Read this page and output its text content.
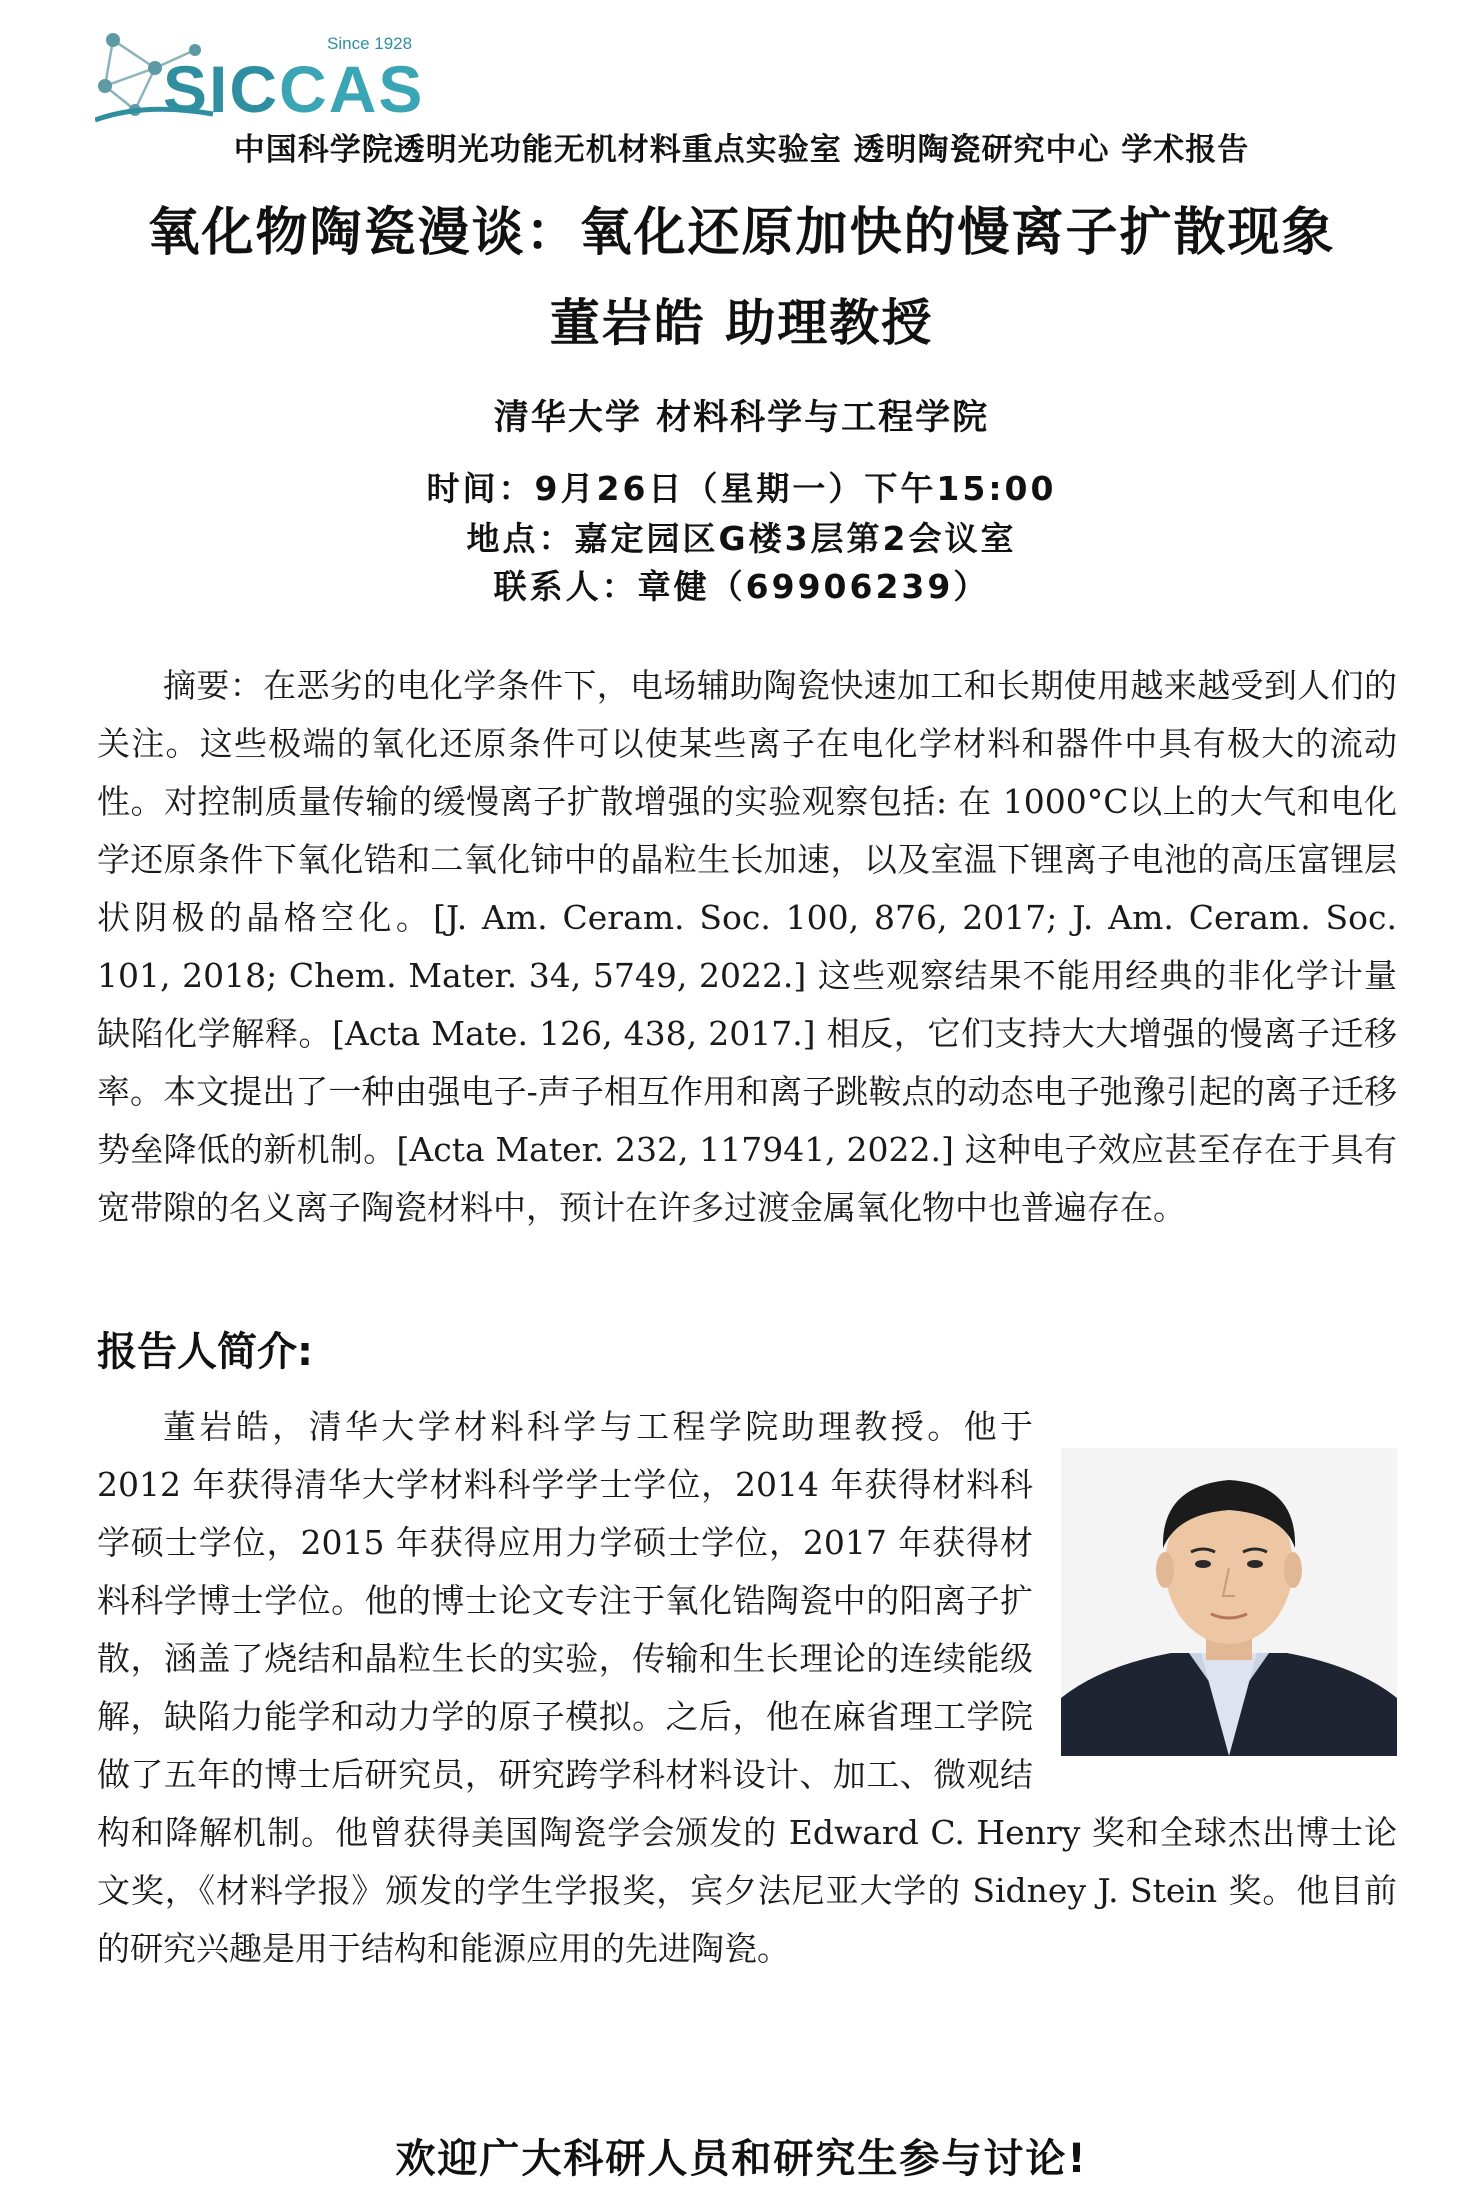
Since 1928
SICCAS
中国科学院透明光功能无机材料重点实验室 透明陶瓷研究中心 学术报告
氧化物陶瓷漫谈：氧化还原加快的慢离子扩散现象
董岩皓 助理教授
清华大学 材料科学与工程学院
时间：9月26日（星期一）下午15:00
地点：嘉定园区G楼3层第2会议室
联系人：章健（69906239）
摘要：在恶劣的电化学条件下，电场辅助陶瓷快速加工和长期使用越来越受到人们的关注。这些极端的氧化还原条件可以使某些离子在电化学材料和器件中具有极大的流动性。对控制质量传输的缓慢离子扩散增强的实验观察包括: 在 1000°C以上的大气和电化学还原条件下氧化锆和二氧化铈中的晶粒生长加速，以及室温下锂离子电池的高压富锂层状阴极的晶格空化。[J. Am. Ceram. Soc. 100, 876, 2017; J. Am. Ceram. Soc. 101, 2018; Chem. Mater. 34, 5749, 2022.] 这些观察结果不能用经典的非化学计量缺陷化学解释。[Acta Mate. 126, 438, 2017.] 相反，它们支持大大增强的慢离子迁移率。本文提出了一种由强电子-声子相互作用和离子跳鞍点的动态电子弛豫引起的离子迁移势垒降低的新机制。[Acta Mater. 232, 117941, 2022.] 这种电子效应甚至存在于具有宽带隙的名义离子陶瓷材料中，预计在许多过渡金属氧化物中也普遍存在。
报告人简介:
董岩皓，清华大学材料科学与工程学院助理教授。他于 2012 年获得清华大学材料科学学士学位，2014 年获得材料科学硕士学位，2015 年获得应用力学硕士学位，2017 年获得材料科学博士学位。他的博士论文专注于氧化锆陶瓷中的阳离子扩散，涵盖了烧结和晶粒生长的实验，传输和生长理论的连续能级解，缺陷力能学和动力学的原子模拟。之后，他在麻省理工学院做了五年的博士后研究员，研究跨学科材料设计、加工、微观结构和降解机制。他曾获得美国陶瓷学会颁发的 Edward C. Henry 奖和全球杰出博士论文奖，《材料学报》颁发的学生学报奖，宾夕法尼亚大学的 Sidney J. Stein 奖。他目前的研究兴趣是用于结构和能源应用的先进陶瓷。
欢迎广大科研人员和研究生参与讨论!
